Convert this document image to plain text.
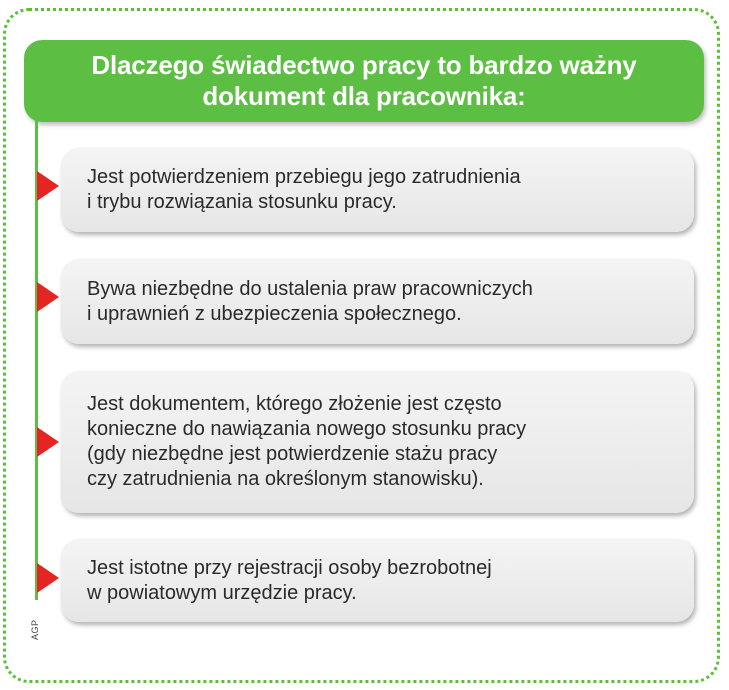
Dlaczego świadectwo pracy to bardzo ważny dokument dla pracownika:
Jest potwierdzeniem przebiegu jego zatrudnienia
i trybu rozwiązania stosunku pracy.
Bywa niezbędne do ustalenia praw pracowniczych
i uprawnień z ubezpieczenia społecznego.
Jest dokumentem, którego złożenie jest często
konieczne do nawiązania nowego stosunku pracy
(gdy niezbędne jest potwierdzenie stażu pracy
czy zatrudnienia na określonym stanowisku).
Jest istotne przy rejestracji osoby bezrobotnej
w powiatowym urzędzie pracy.
AGP
